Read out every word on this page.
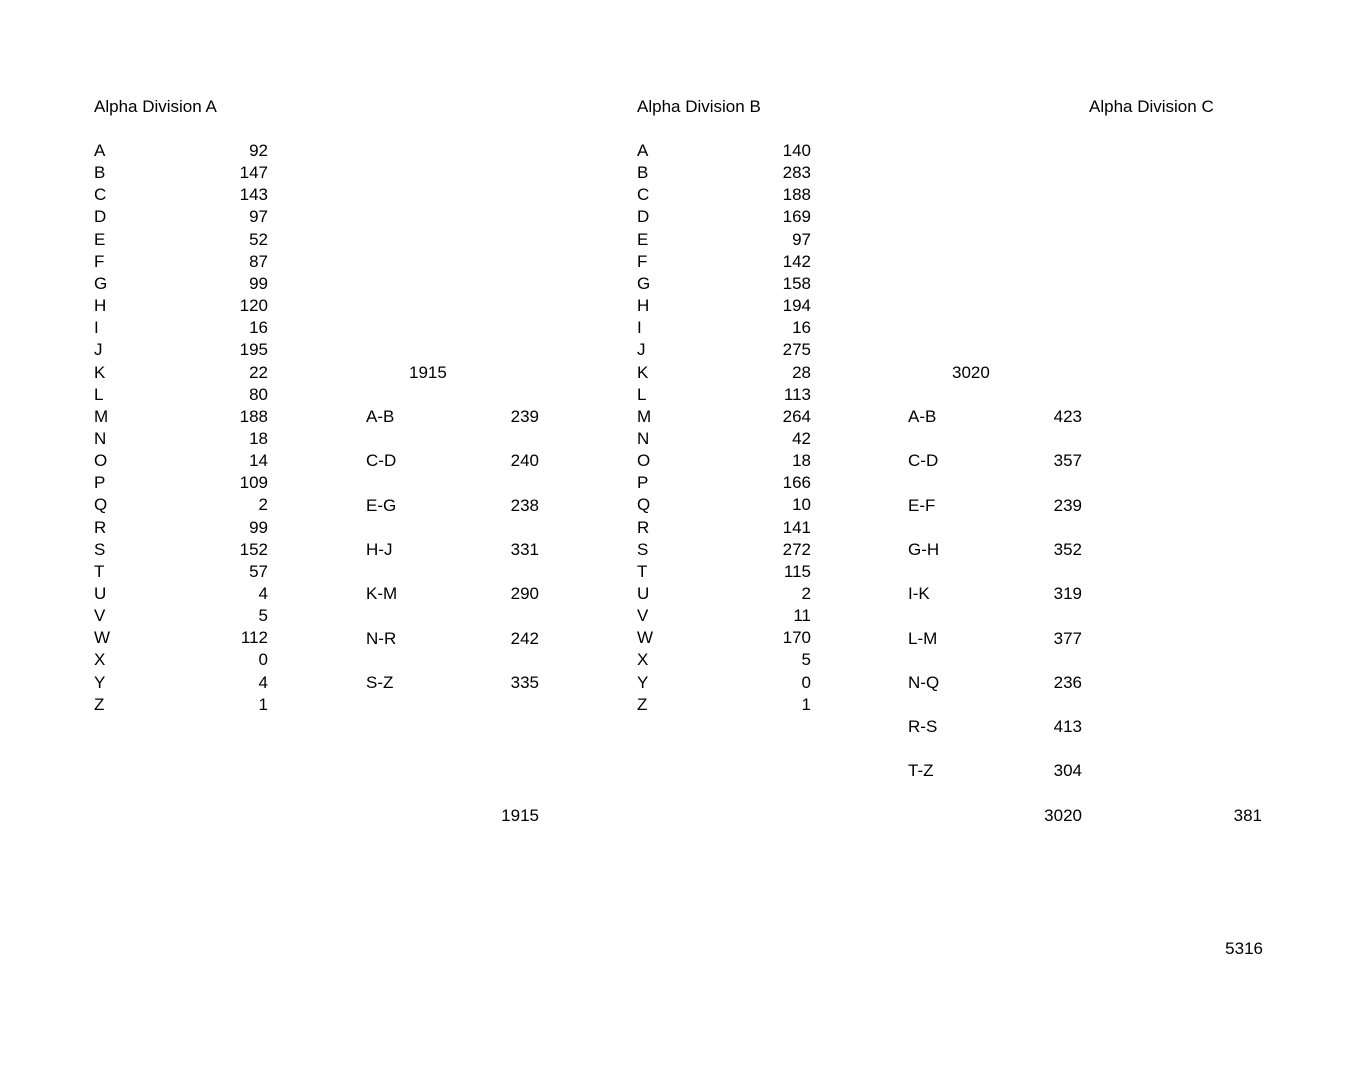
Alpha Division A
A	92
B	147
C	143
D	97
E	52
F	87
G	99
H	120
I	16
J	195
K	22
L	80
M	188
N	18
O	14
P	109
Q	2
R	99
S	152
T	57
U	4
V	5
W	112
X	0
Y	4
Z	1
1915
A-B	239
C-D	240
E-G	238
H-J	331
K-M	290
N-R	242
S-Z	335
1915
Alpha Division B
A	140
B	283
C	188
D	169
E	97
F	142
G	158
H	194
I	16
J	275
K	28
L	113
M	264
N	42
O	18
P	166
Q	10
R	141
S	272
T	115
U	2
V	11
W	170
X	5
Y	0
Z	1
3020
A-B	423
C-D	357
E-F	239
G-H	352
I-K	319
L-M	377
N-Q	236
R-S	413
T-Z	304
3020
Alpha Division C
381
5316
